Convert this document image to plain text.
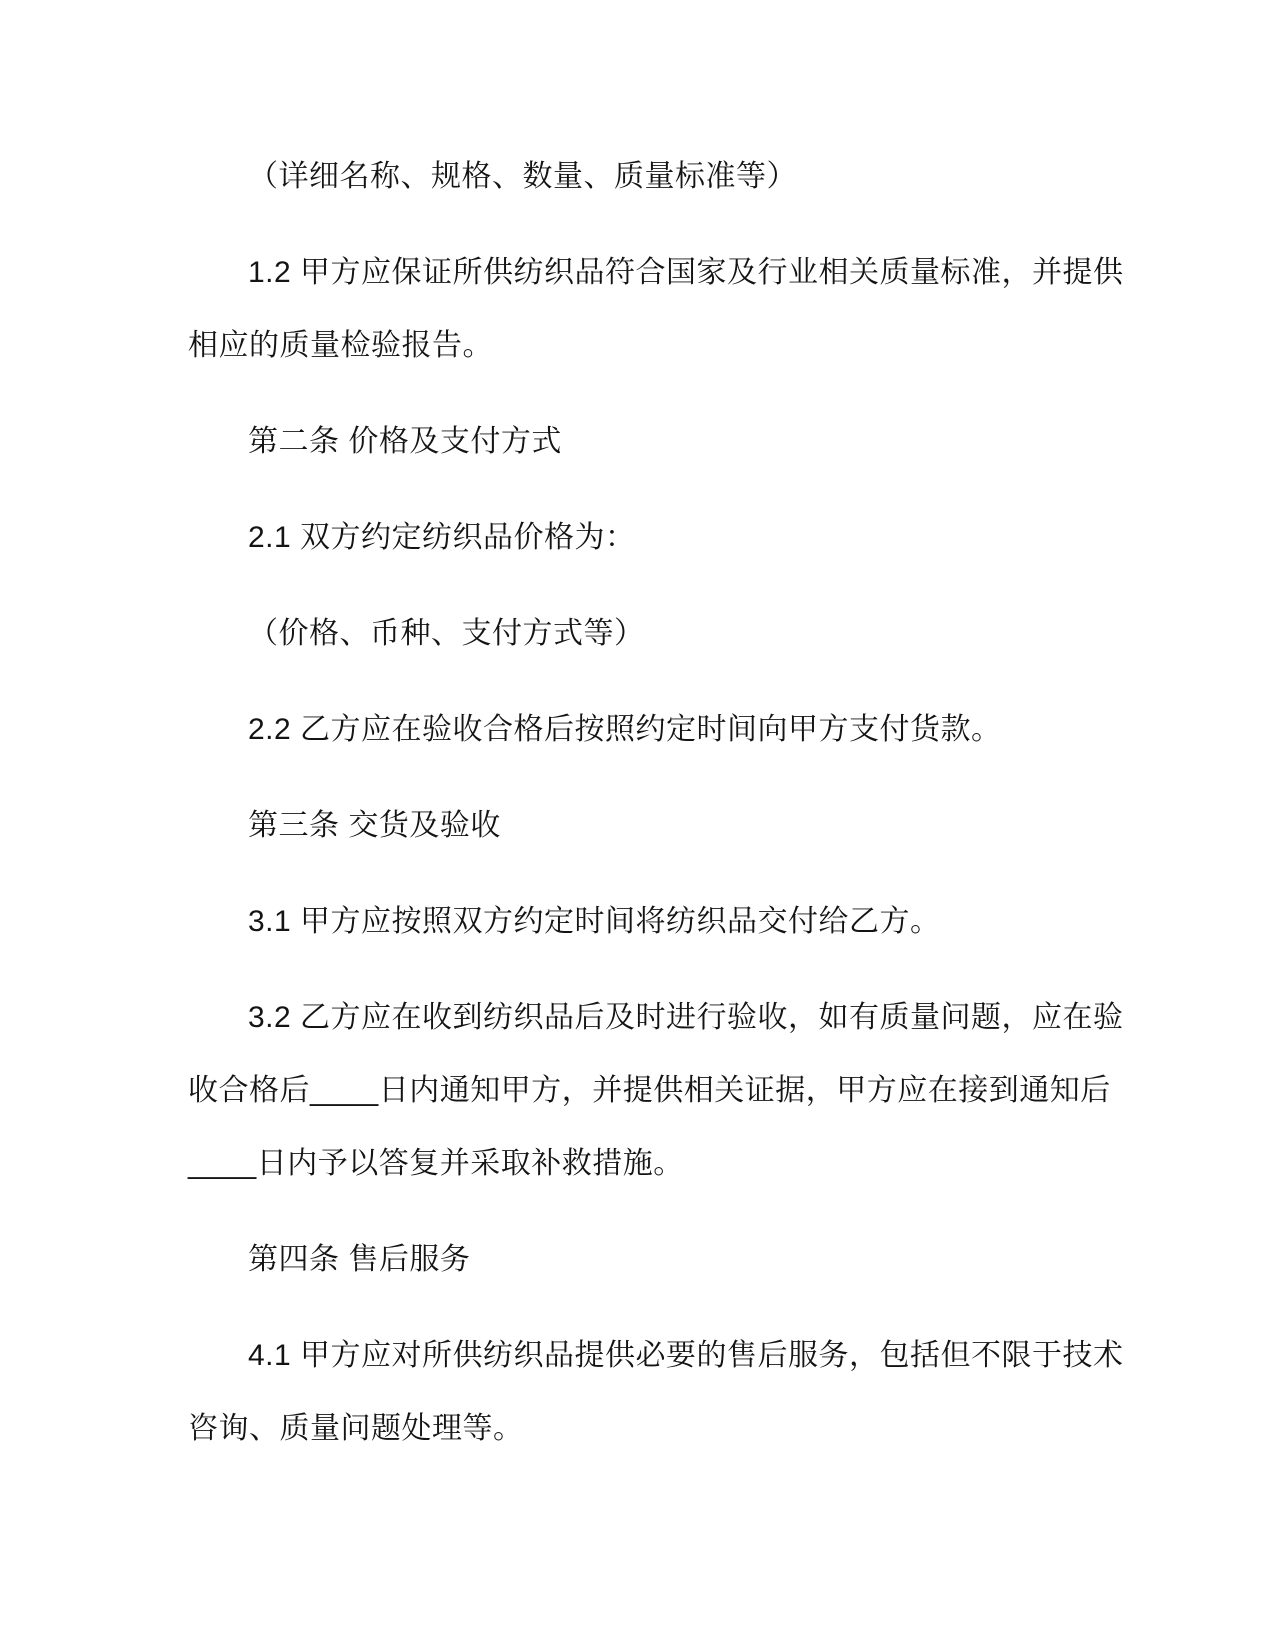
（详细名称、规格、数量、质量标准等）
1.2 甲方应保证所供纺织品符合国家及行业相关质量标准，并提供
相应的质量检验报告。
第二条 价格及支付方式
2.1 双方约定纺织品价格为：
（价格、币种、支付方式等）
2.2 乙方应在验收合格后按照约定时间向甲方支付货款。
第三条 交货及验收
3.1 甲方应按照双方约定时间将纺织品交付给乙方。
3.2 乙方应在收到纺织品后及时进行验收，如有质量问题，应在验
收合格后____日内通知甲方，并提供相关证据，甲方应在接到通知后
____日内予以答复并采取补救措施。
第四条 售后服务
4.1 甲方应对所供纺织品提供必要的售后服务，包括但不限于技术
咨询、质量问题处理等。
